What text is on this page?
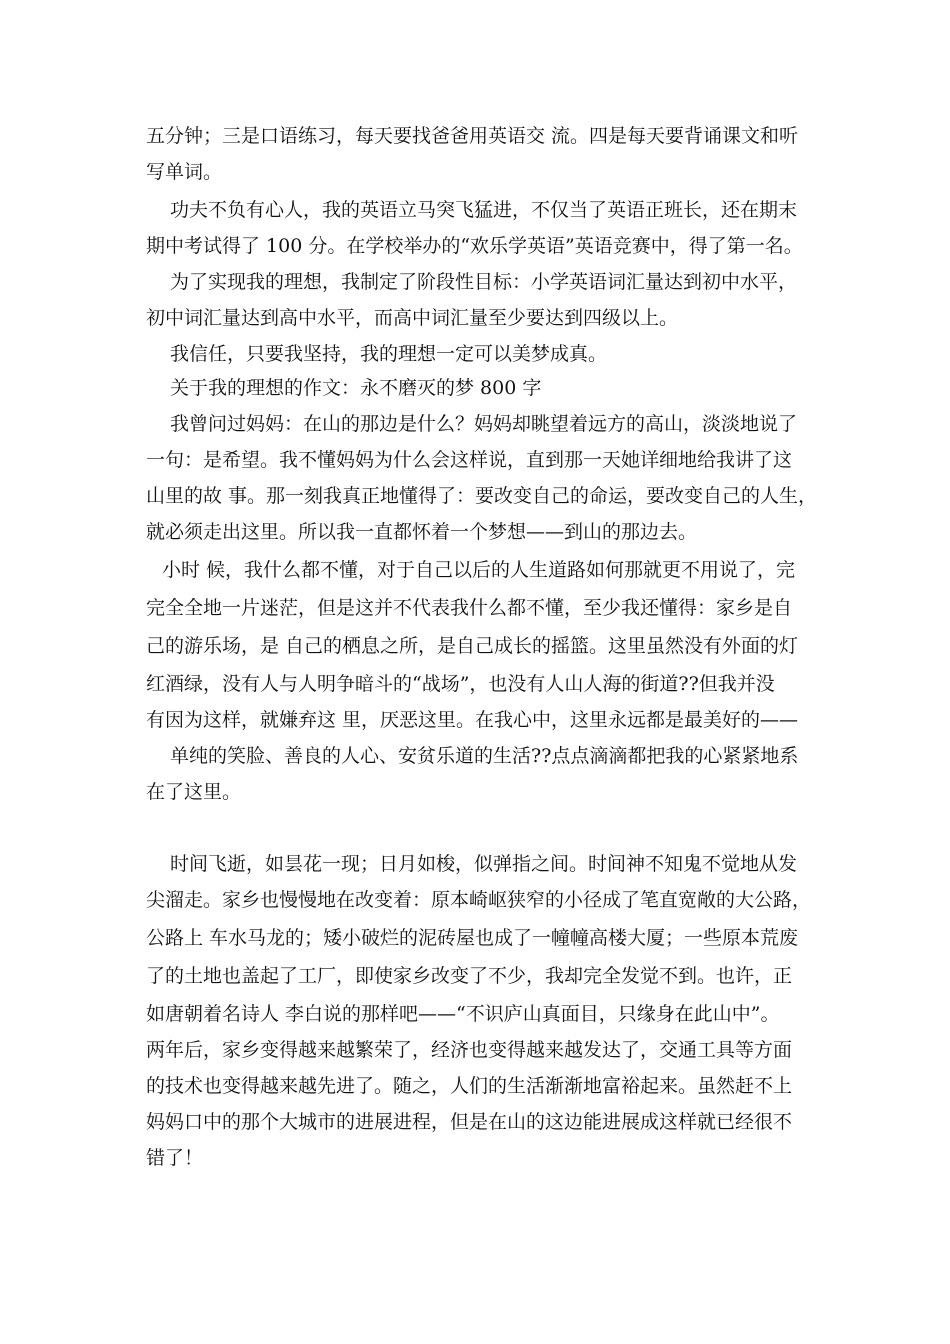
五分钟；三是口语练习，每天要找爸爸用英语交 流。四是每天要背诵课文和听
写单词。
功夫不负有心人，我的英语立马突飞猛进，不仅当了英语正班长，还在期末
期中考试得了 100 分。在学校举办的“欢乐学英语”英语竞赛中，得了第一名。
为了实现我的理想，我制定了阶段性目标：小学英语词汇量达到初中水平，
初中词汇量达到高中水平，而高中词汇量至少要达到四级以上。
我信任，只要我坚持，我的理想一定可以美梦成真。
关于我的理想的作文：永不磨灭的梦 800 字
我曾问过妈妈：在山的那边是什么？妈妈却眺望着远方的高山，淡淡地说了
一句：是希望。我不懂妈妈为什么会这样说，直到那一天她详细地给我讲了这
山里的故 事。那一刻我真正地懂得了：要改变自己的命运，要改变自己的人生，
就必须走出这里。所以我一直都怀着一个梦想——到山的那边去。
小时 候，我什么都不懂，对于自己以后的人生道路如何那就更不用说了，完
完全全地一片迷茫，但是这并不代表我什么都不懂，至少我还懂得：家乡是自
己的游乐场，是 自己的栖息之所，是自己成长的摇篮。这里虽然没有外面的灯
红酒绿，没有人与人明争暗斗的“战场”，也没有人山人海的街道??但我并没
有因为这样，就嫌弃这 里，厌恶这里。在我心中，这里永远都是最美好的——
单纯的笑脸、善良的人心、安贫乐道的生活??点点滴滴都把我的心紧紧地系
在了这里。
时间飞逝，如昙花一现；日月如梭，似弹指之间。时间神不知鬼不觉地从发
尖溜走。家乡也慢慢地在改变着：原本崎岖狭窄的小径成了笔直宽敞的大公路，
公路上 车水马龙的；矮小破烂的泥砖屋也成了一幢幢高楼大厦；一些原本荒废
了的土地也盖起了工厂，即使家乡改变了不少，我却完全发觉不到。也许，正
如唐朝着名诗人 李白说的那样吧——“不识庐山真面目，只缘身在此山中”。
两年后，家乡变得越来越繁荣了，经济也变得越来越发达了，交通工具等方面
的技术也变得越来越先进了。随之，人们的生活渐渐地富裕起来。虽然赶不上
妈妈口中的那个大城市的进展进程，但是在山的这边能进展成这样就已经很不
错了！
